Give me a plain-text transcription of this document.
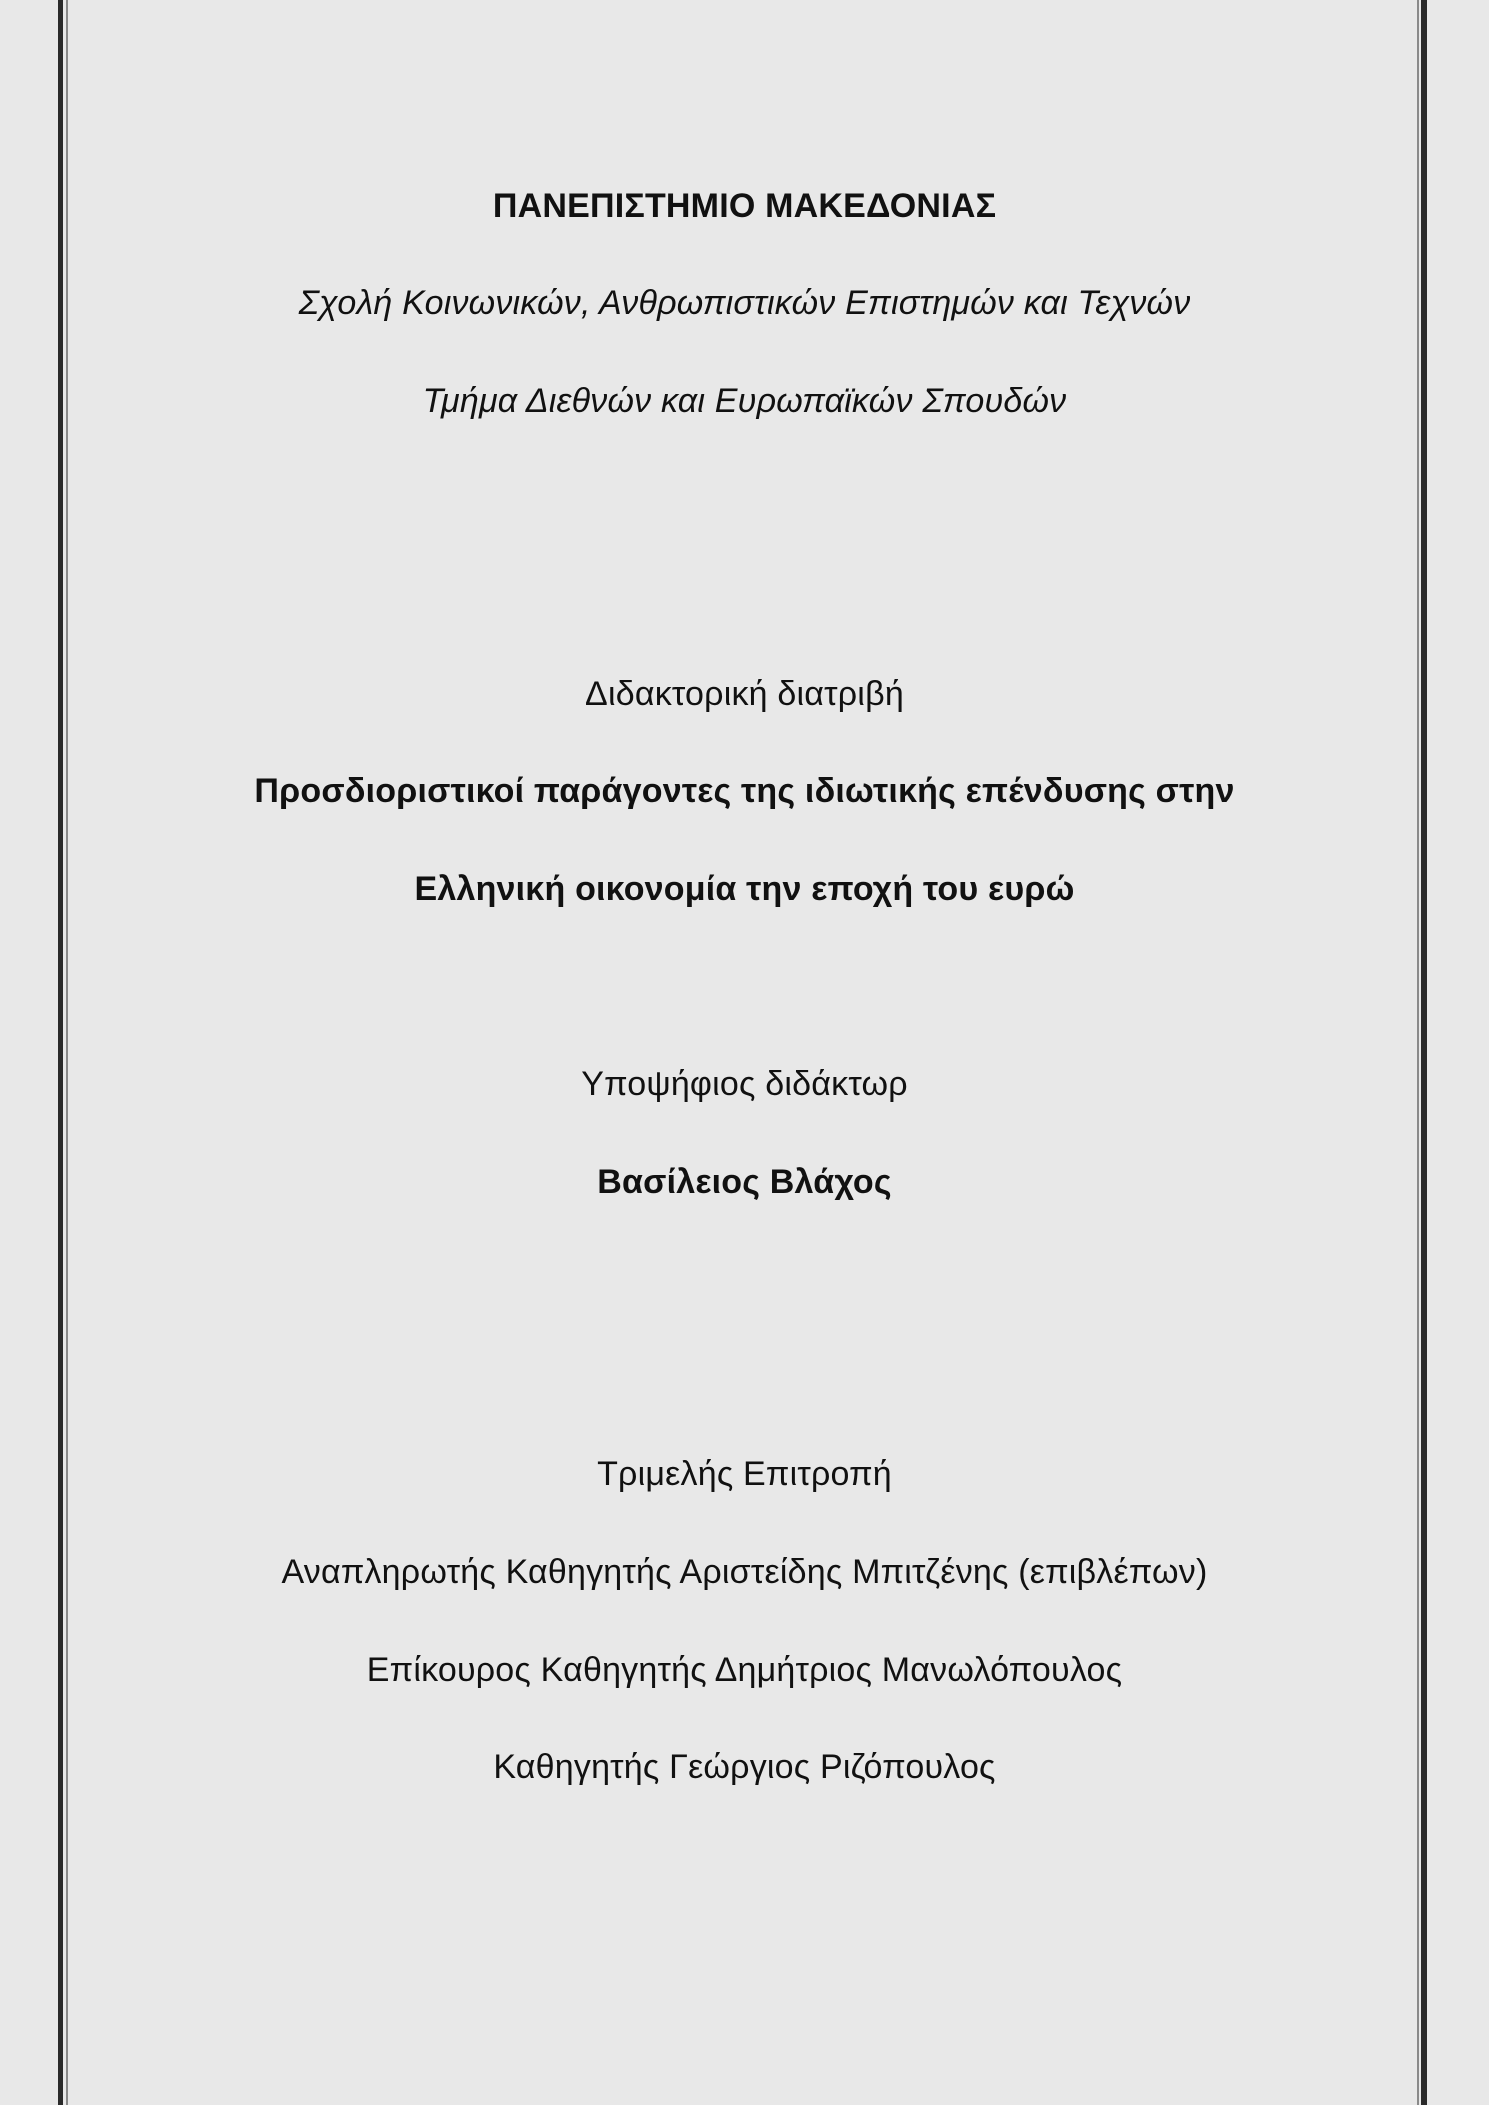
ΠΑΝΕΠΙΣΤΗΜΙΟ ΜΑΚΕΔΟΝΙΑΣ
Σχολή Κοινωνικών, Ανθρωπιστικών Επιστημών και Τεχνών
Τμήμα Διεθνών και Ευρωπαϊκών Σπουδών
Διδακτορική διατριβή
Προσδιοριστικοί παράγοντες της ιδιωτικής επένδυσης στην
Ελληνική οικονομία την εποχή του ευρώ
Υποψήφιος διδάκτωρ
Βασίλειος Βλάχος
Τριμελής Επιτροπή
Αναπληρωτής Καθηγητής Αριστείδης Μπιτζένης (επιβλέπων)
Επίκουρος Καθηγητής Δημήτριος Μανωλόπουλος
Καθηγητής Γεώργιος Ριζόπουλος
